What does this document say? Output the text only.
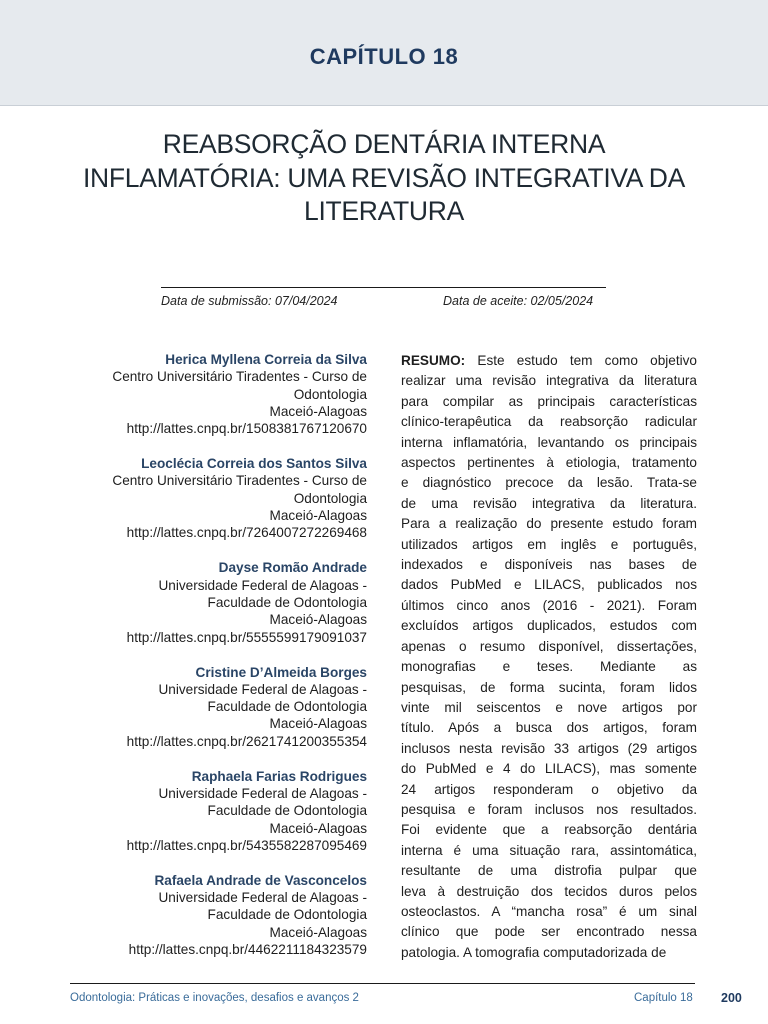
CAPÍTULO 18
REABSORÇÃO DENTÁRIA INTERNA
INFLAMATÓRIA: UMA REVISÃO INTEGRATIVA DA
LITERATURA
Data de submissão: 07/04/2024	Data de aceite: 02/05/2024
Herica Myllena Correia da Silva
Centro Universitário Tiradentes - Curso de
Odontologia
Maceió-Alagoas
http://lattes.cnpq.br/1508381767120670
Leoclécia Correia dos Santos Silva
Centro Universitário Tiradentes - Curso de
Odontologia
Maceió-Alagoas
http://lattes.cnpq.br/7264007272269468
Dayse Romão Andrade
Universidade Federal de Alagoas -
Faculdade de Odontologia
Maceió-Alagoas
http://lattes.cnpq.br/5555599179091037
Cristine D’Almeida Borges
Universidade Federal de Alagoas -
Faculdade de Odontologia
Maceió-Alagoas
http://lattes.cnpq.br/2621741200355354
Raphaela Farias Rodrigues
Universidade Federal de Alagoas -
Faculdade de Odontologia
Maceió-Alagoas
http://lattes.cnpq.br/5435582287095469
Rafaela Andrade de Vasconcelos
Universidade Federal de Alagoas -
Faculdade de Odontologia
Maceió-Alagoas
http://lattes.cnpq.br/4462211184323579
RESUMO: Este estudo tem como objetivo
realizar uma revisão integrativa da literatura
para compilar as principais características
clínico-terapêutica da reabsorção radicular
interna inflamatória, levantando os principais
aspectos pertinentes à etiologia, tratamento
e diagnóstico precoce da lesão. Trata-se
de uma revisão integrativa da literatura.
Para a realização do presente estudo foram
utilizados artigos em inglês e português,
indexados e disponíveis nas bases de
dados PubMed e LILACS, publicados nos
últimos cinco anos (2016 - 2021). Foram
excluídos artigos duplicados, estudos com
apenas o resumo disponível, dissertações,
monografias e teses. Mediante as
pesquisas, de forma sucinta, foram lidos
vinte mil seiscentos e nove artigos por
título. Após a busca dos artigos, foram
inclusos nesta revisão 33 artigos (29 artigos
do PubMed e 4 do LILACS), mas somente
24 artigos responderam o objetivo da
pesquisa e foram inclusos nos resultados.
Foi evidente que a reabsorção dentária
interna é uma situação rara, assintomática,
resultante de uma distrofia pulpar que
leva à destruição dos tecidos duros pelos
osteoclastos. A “mancha rosa” é um sinal
clínico que pode ser encontrado nessa
patologia. A tomografia computadorizada de
Odontologia: Práticas e inovações, desafios e avanços 2	Capítulo 18 200
